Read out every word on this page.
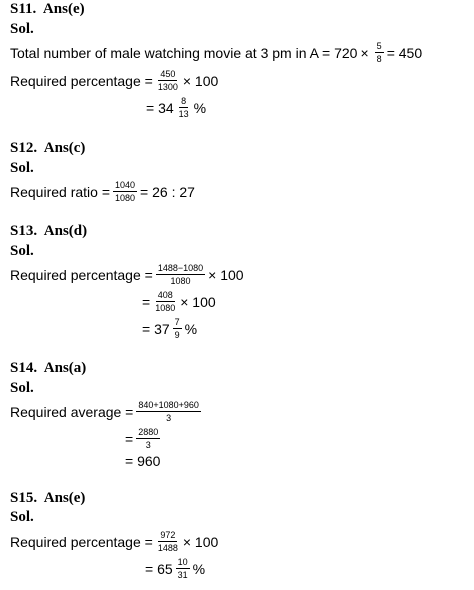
S11.  Ans(e)
Sol.
Total number of male watching movie at 3 pm in $A = 720 \times \frac{5}{8} = 450$
Required percentage = $\frac{450}{1300} \times 100$
= $34 \frac{8}{13}$ %
S12.  Ans(c)
Sol.
Required ratio = $\frac{1040}{1080} = 26$ : 27
S13.  Ans(d)
Sol.
Required percentage = $\frac{1488-1080}{1080} \times 100$
= $\frac{408}{1080} \times 100$
= $37 \frac{7}{9}$ %
S14.  Ans(a)
Sol.
Required average = $\frac{840+1080+960}{3}$
= $\frac{2880}{3}$
= 960
S15.  Ans(e)
Sol.
Required percentage = $\frac{972}{1488} \times 100$
= $65 \frac{10}{31}$ %
